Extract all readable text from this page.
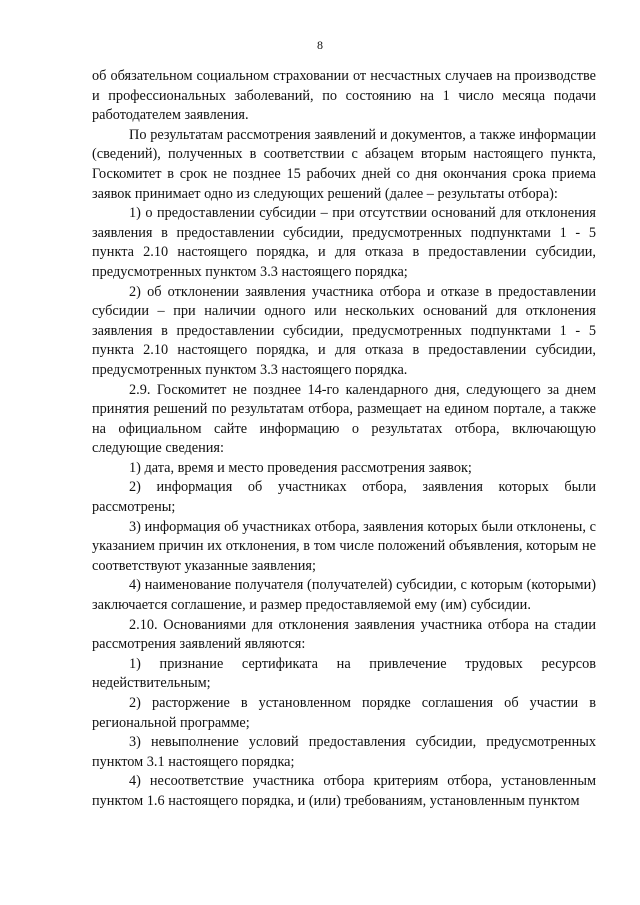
8

об обязательном социальном страховании от несчастных случаев на производстве и профессиональных заболеваний, по состоянию на 1 число месяца подачи работодателем заявления.

По результатам рассмотрения заявлений и документов, а также информации (сведений), полученных в соответствии с абзацем вторым настоящего пункта, Госкомитет в срок не позднее 15 рабочих дней со дня окончания срока приема заявок принимает одно из следующих решений (далее – результаты отбора):

1) о предоставлении субсидии – при отсутствии оснований для отклонения заявления в предоставлении субсидии, предусмотренных подпунктами 1 - 5 пункта 2.10 настоящего порядка, и для отказа в предоставлении субсидии, предусмотренных пунктом 3.3 настоящего порядка;

2) об отклонении заявления участника отбора и отказе в предоставлении субсидии – при наличии одного или нескольких оснований для отклонения заявления в предоставлении субсидии, предусмотренных подпунктами 1 - 5 пункта 2.10 настоящего порядка, и для отказа в предоставлении субсидии, предусмотренных пунктом 3.3 настоящего порядка.

2.9. Госкомитет не позднее 14-го календарного дня, следующего за днем принятия решений по результатам отбора, размещает на едином портале, а также на официальном сайте информацию о результатах отбора, включающую следующие сведения:

1) дата, время и место проведения рассмотрения заявок;

2) информация об участниках отбора, заявления которых были рассмотрены;

3) информация об участниках отбора, заявления которых были отклонены, с указанием причин их отклонения, в том числе положений объявления, которым не соответствуют указанные заявления;

4) наименование получателя (получателей) субсидии, с которым (которыми) заключается соглашение, и размер предоставляемой ему (им) субсидии.

2.10. Основаниями для отклонения заявления участника отбора на стадии рассмотрения заявлений являются:

1) признание сертификата на привлечение трудовых ресурсов недействительным;

2) расторжение в установленном порядке соглашения об участии в региональной программе;

3) невыполнение условий предоставления субсидии, предусмотренных пунктом 3.1 настоящего порядка;

4) несоответствие участника отбора критериям отбора, установленным пунктом 1.6 настоящего порядка, и (или) требованиям, установленным пунктом
